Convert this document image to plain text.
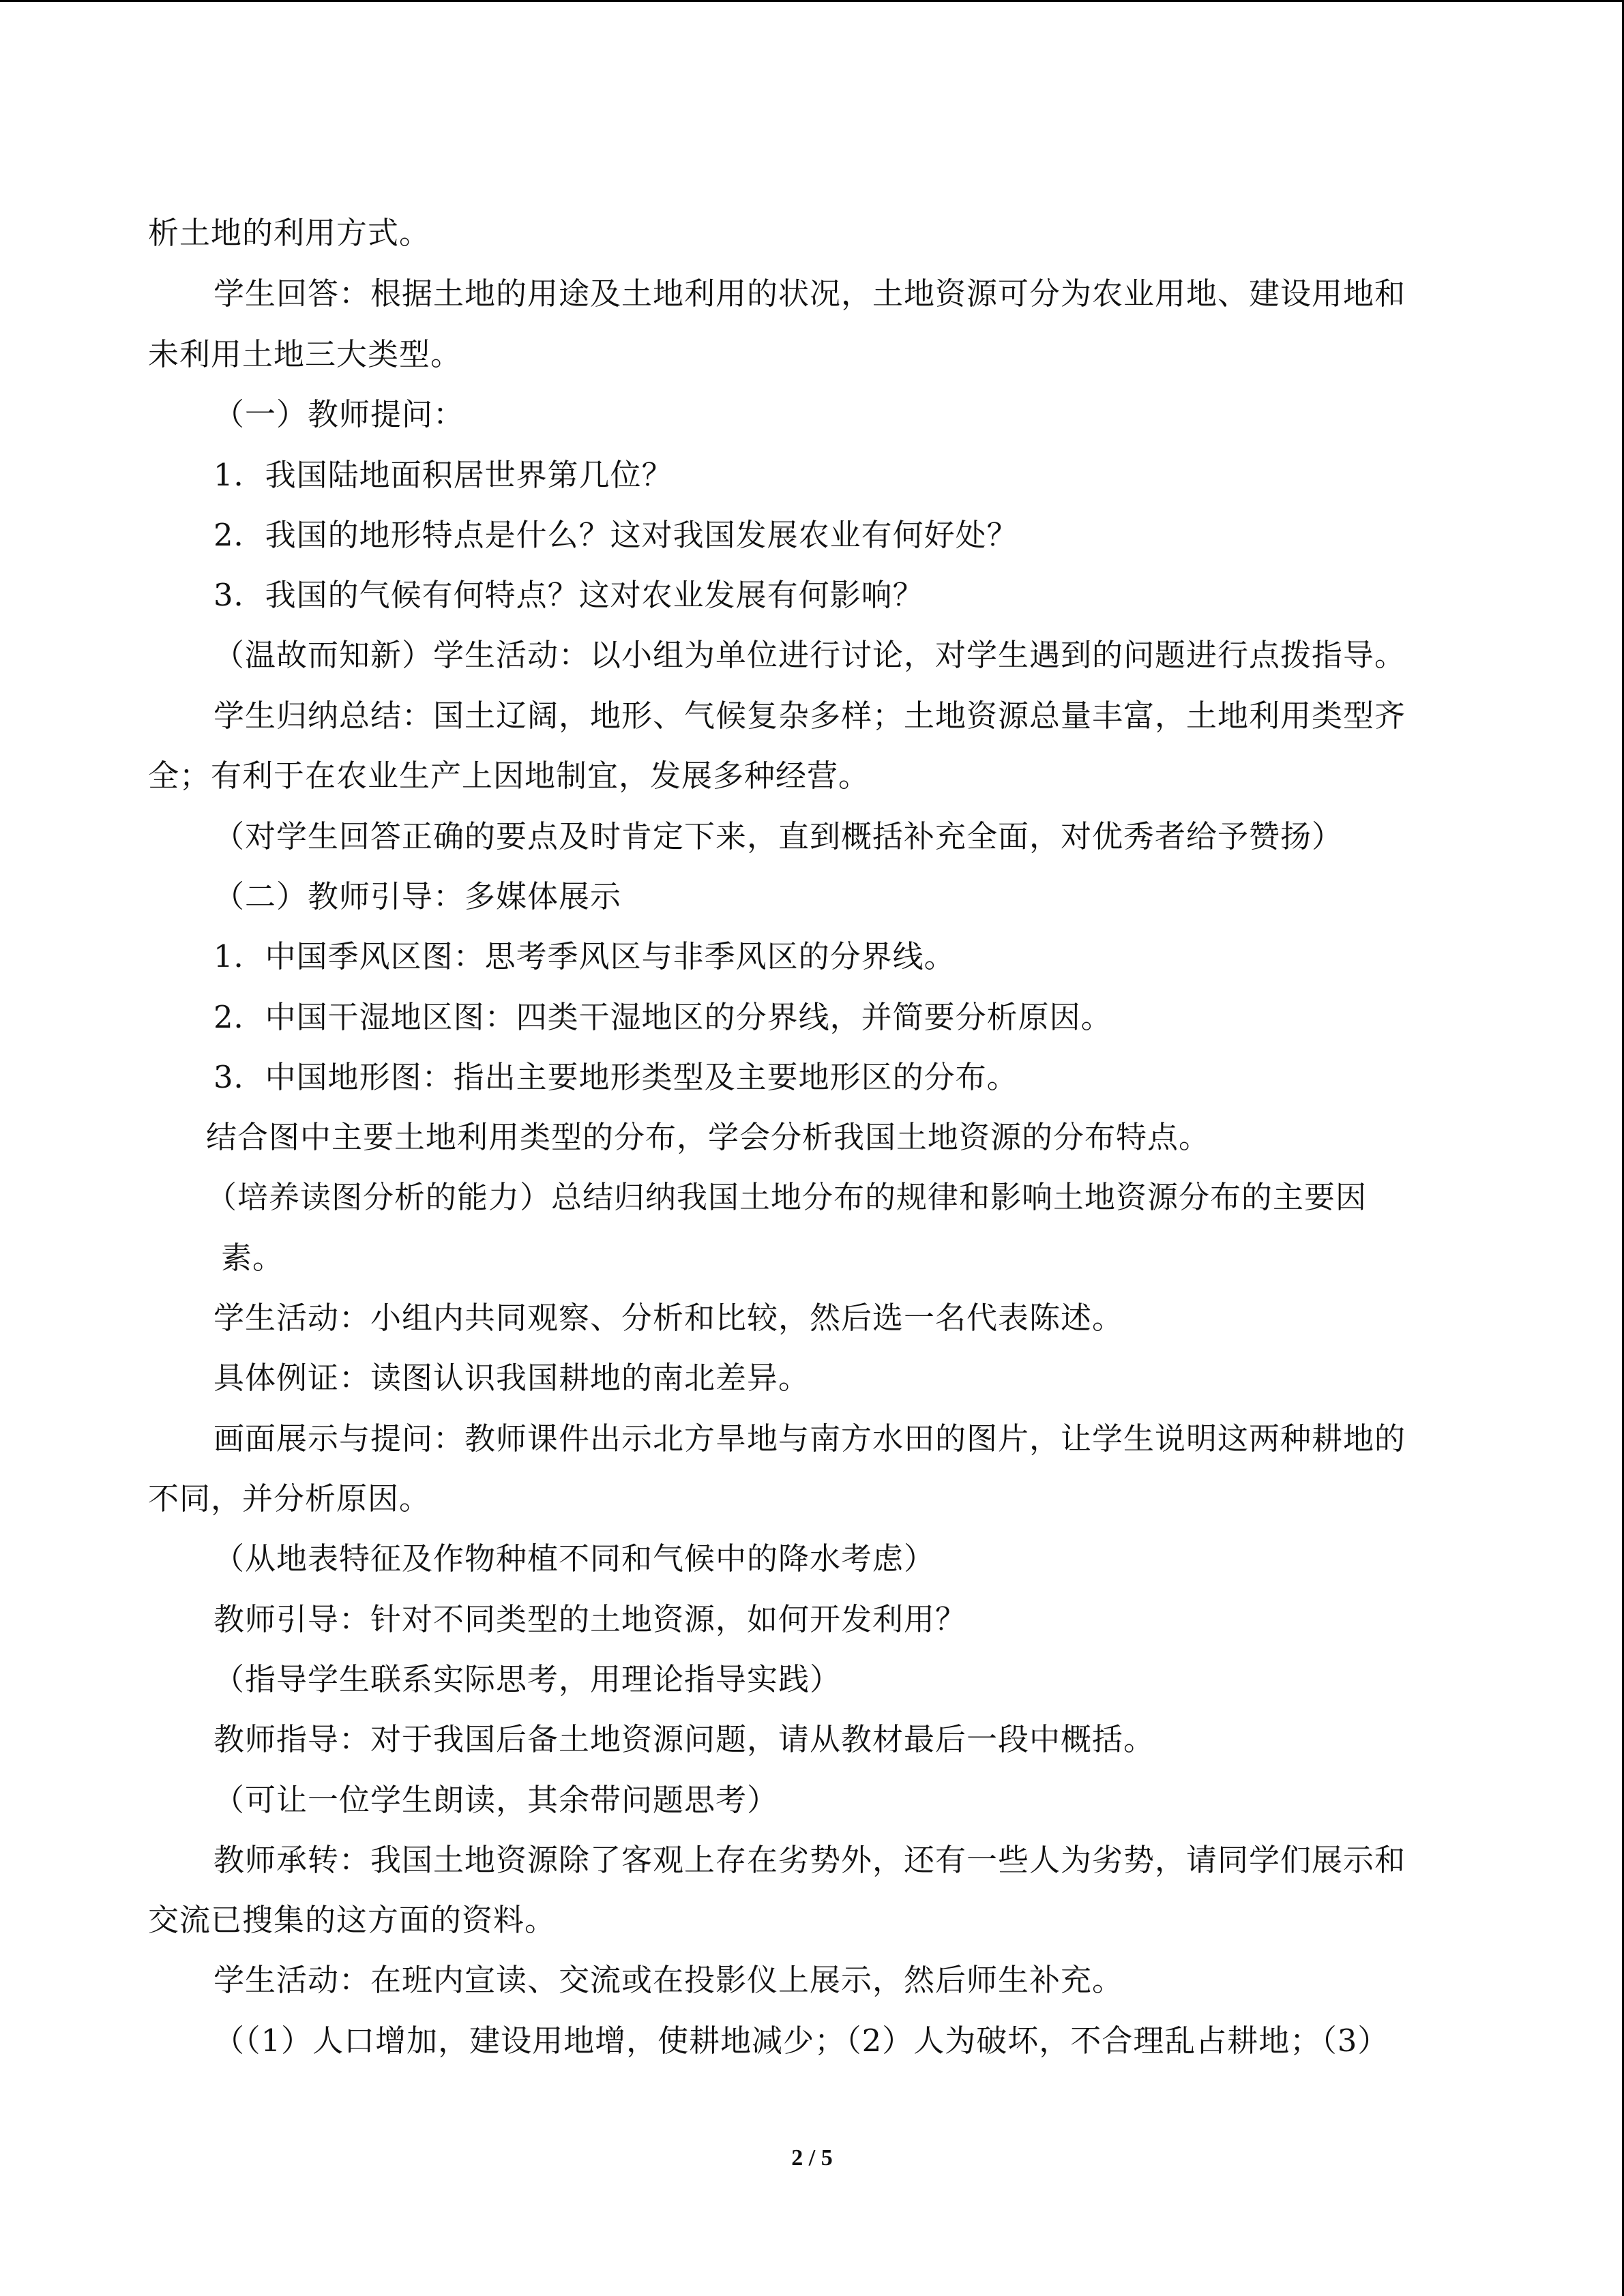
析土地的利用方式。
学生回答：根据土地的用途及土地利用的状况，土地资源可分为农业用地、建设用地和
未利用土地三大类型。
（一）教师提问：
1．我国陆地面积居世界第几位？
2．我国的地形特点是什么？这对我国发展农业有何好处？
3．我国的气候有何特点？这对农业发展有何影响？
（温故而知新）学生活动：以小组为单位进行讨论，对学生遇到的问题进行点拨指导。
学生归纳总结：国土辽阔，地形、气候复杂多样；土地资源总量丰富，土地利用类型齐
全；有利于在农业生产上因地制宜，发展多种经营。
（对学生回答正确的要点及时肯定下来，直到概括补充全面，对优秀者给予赞扬）
（二）教师引导：多媒体展示
1．中国季风区图：思考季风区与非季风区的分界线。
2．中国干湿地区图：四类干湿地区的分界线，并简要分析原因。
3．中国地形图：指出主要地形类型及主要地形区的分布。
结合图中主要土地利用类型的分布，学会分析我国土地资源的分布特点。
（培养读图分析的能力）总结归纳我国土地分布的规律和影响土地资源分布的主要因
素。
学生活动：小组内共同观察、分析和比较，然后选一名代表陈述。
具体例证：读图认识我国耕地的南北差异。
画面展示与提问：教师课件出示北方旱地与南方水田的图片，让学生说明这两种耕地的
不同，并分析原因。
（从地表特征及作物种植不同和气候中的降水考虑）
教师引导：针对不同类型的土地资源，如何开发利用？
（指导学生联系实际思考，用理论指导实践）
教师指导：对于我国后备土地资源问题，请从教材最后一段中概括。
（可让一位学生朗读，其余带问题思考）
教师承转：我国土地资源除了客观上存在劣势外，还有一些人为劣势，请同学们展示和
交流已搜集的这方面的资料。
学生活动：在班内宣读、交流或在投影仪上展示，然后师生补充。
（（1）人口增加，建设用地增，使耕地减少；（2）人为破坏，不合理乱占耕地；（3）
2 / 5
